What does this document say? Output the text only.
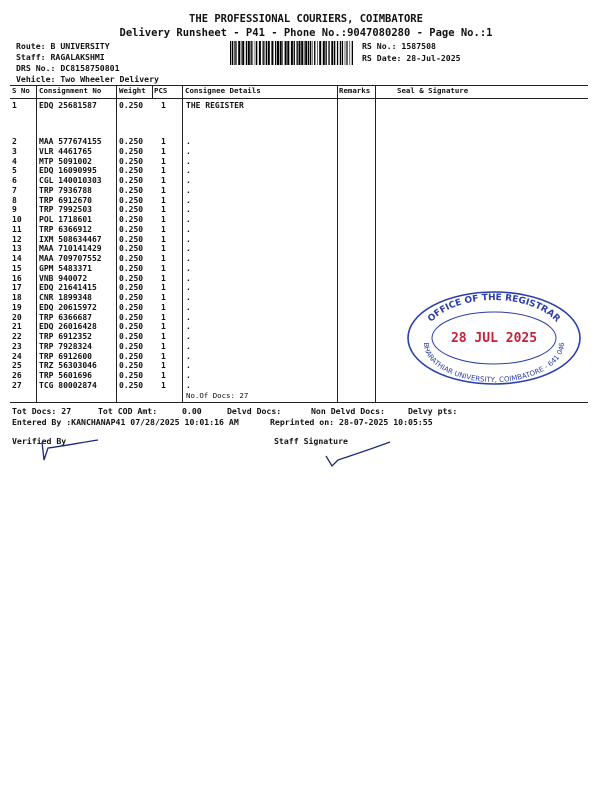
THE PROFESSIONAL COURIERS, COIMBATORE
Delivery Runsheet - P41 - Phone No.:9047080280 - Page No.:1
Route: B UNIVERSITY
Staff: RAGALAKSHMI
DRS No.: DC8158750801
Vehicle: Two Wheeler Delivery
RS No.: 1587508
RS Date: 28-Jul-2025
S No Consignment No Weight PCS Consignee Details	Remarks	Seal & Signature
1	EDQ 25681587	0.250 1	THE REGISTER
2	MAA 577674155 0.250 1	.
3	VLR 4461765	0.250 1	.
4	MTP 5091002	0.250 1	.
5	EDQ 16090995	0.250 1	.
6	CGL 140010303 0.250 1	.
7	TRP 7936788	0.250 1	.
8	TRP 6912670	0.250 1	.
9	TRP 7992503	0.250 1	.
10 POL 1718601	0.250 1	.
11 TRP 6366912	0.250 1	.
12 IXM 508634467 0.250 1	.
13 MAA 710141429 0.250 1	.
14 MAA 709707552 0.250 1	.
15 GPM 5483371	0.250 1	.
16 VNB 940072	0.250 1	.
17 EDQ 21641415	0.250 1	.
18 CNR 1899348	0.250 1	.
19 EDQ 20615972	0.250 1	.
20 TRP 6366687	0.250 1	.
21 EDQ 26016428	0.250 1	.
22 TRP 6912352	0.250 1	.
23 TRP 7928324	0.250 1	.
24 TRP 6912600	0.250 1	.
25 TRZ 56303046	0.250 1	.
26 TRP 5601696	0.250 1	.
27 TCG 80002874	0.250 1	.
No.Of Docs: 27
Tot Docs: 27	Tot COD Amt:	0.00	Delvd Docs:	Non Delvd Docs:	Delvy pts:
Entered By :KANCHANAP41 07/28/2025 10:01:16 AM	Reprinted on: 28-07-2025 10:05:55
Verified By	Staff Signature
OFFICE OF THE REGISTRAR
BHARATHIAR UNIVERSITY, COIMBATORE - 641 046
28 JUL 2025
